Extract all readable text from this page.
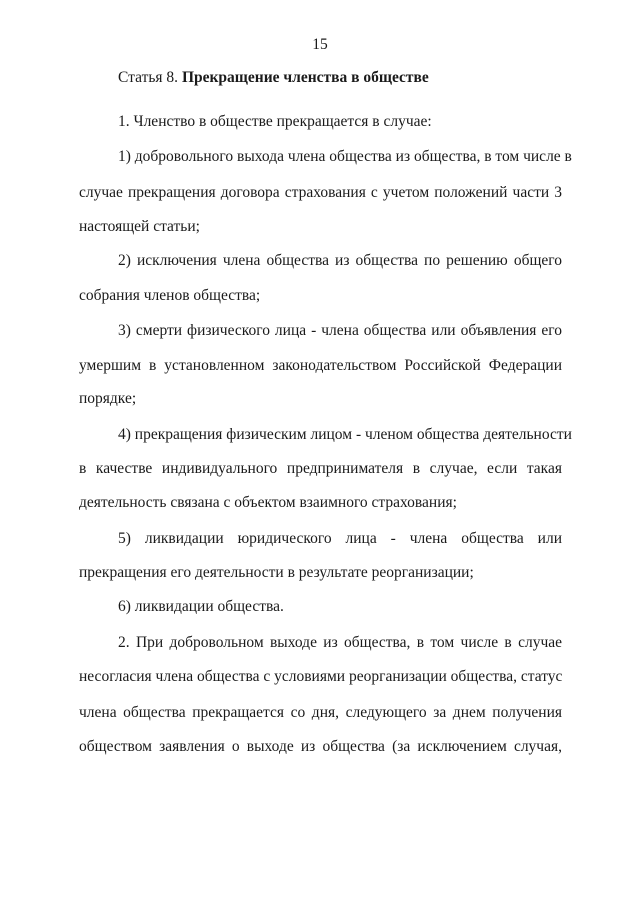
15
Статья 8. Прекращение членства в обществе
1. Членство в обществе прекращается в случае:
1) добровольного выхода члена общества из общества, в том числе в
случае прекращения договора страхования с учетом положений части 3
настоящей статьи;
2) исключения члена общества из общества по решению общего
собрания членов общества;
3) смерти физического лица - члена общества или объявления его
умершим в установленном законодательством Российской Федерации
порядке;
4) прекращения физическим лицом - членом общества деятельности
в качестве индивидуального предпринимателя в случае, если такая
деятельность связана с объектом взаимного страхования;
5) ликвидации юридического лица - члена общества или
прекращения его деятельности в результате реорганизации;
6) ликвидации общества.
2. При добровольном выходе из общества, в том числе в случае
несогласия члена общества с условиями реорганизации общества, статус
члена общества прекращается со дня, следующего за днем получения
обществом заявления о выходе из общества (за исключением случая,
